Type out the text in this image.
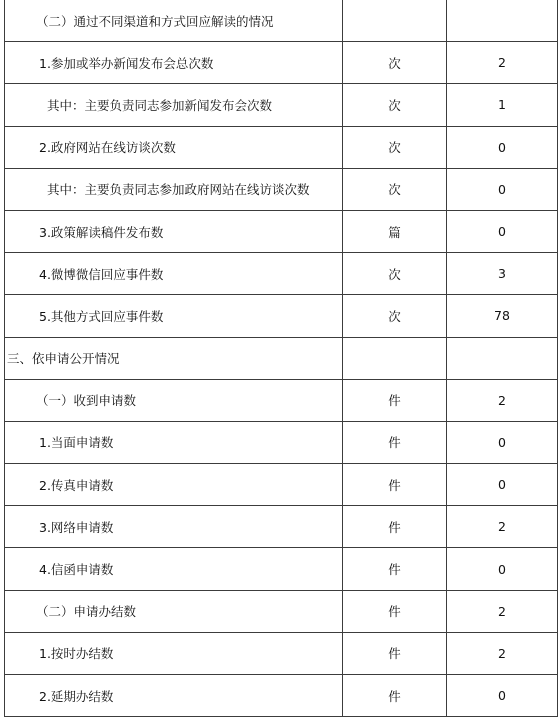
（二）通过不同渠道和方式回应解读的情况		
1.参加或举办新闻发布会总次数	次	2
其中：主要负责同志参加新闻发布会次数	次	1
2.政府网站在线访谈次数	次	0
其中：主要负责同志参加政府网站在线访谈次数	次	0
3.政策解读稿件发布数	篇	0
4.微博微信回应事件数	次	3
5.其他方式回应事件数	次	78
三、依申请公开情况		
（一）收到申请数	件	2
1.当面申请数	件	0
2.传真申请数	件	0
3.网络申请数	件	2
4.信函申请数	件	0
（二）申请办结数	件	2
1.按时办结数	件	2
2.延期办结数	件	0
